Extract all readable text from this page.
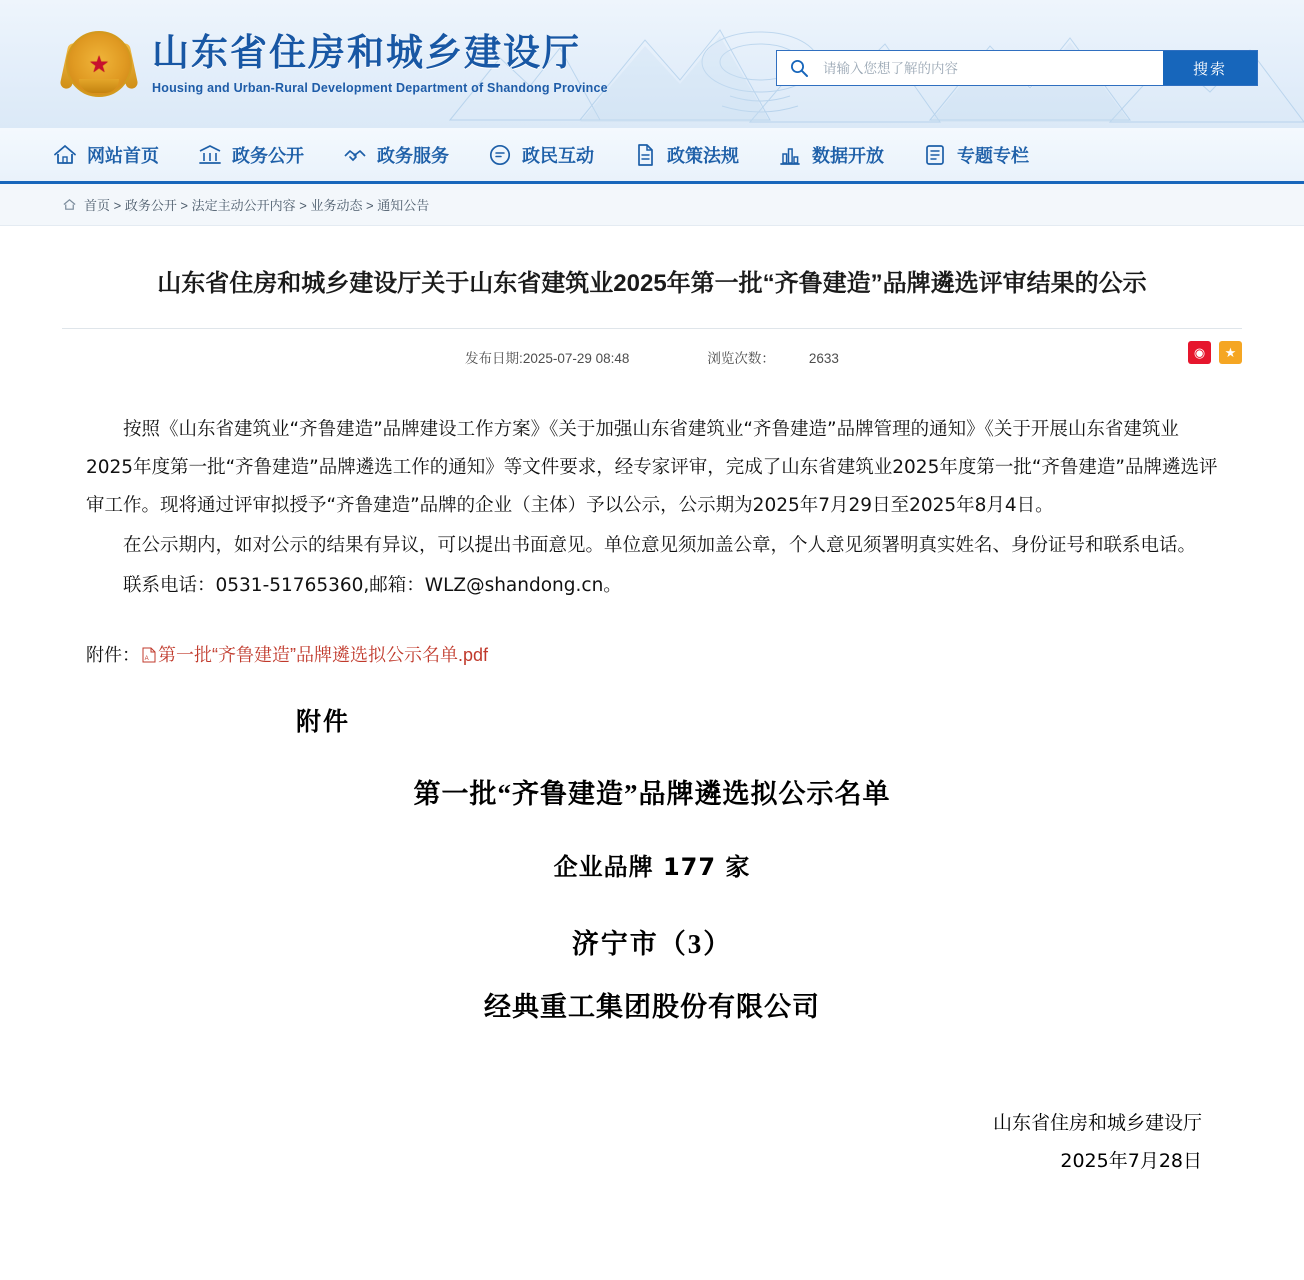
★ 山东省住房和城乡建设厅
Housing and Urban-Rural Development Department of Shandong Province
请输入您想了解的内容
搜索
网站首页	政务公开	政务服务	政民互动	政策法规	数据开放	专题专栏
首页 > 政务公开 > 法定主动公开内容 > 业务动态 > 通知公告
山东省住房和城乡建设厅关于山东省建筑业2025年第一批“齐鲁建造”品牌遴选评审结果的公示
发布日期:2025-07-29 08:48	浏览次数：	2633	◉	★

按照《山东省建筑业“齐鲁建造”品牌建设工作方案》《关于加强山东省建筑业“齐鲁建造”品牌管理的通知》《关于开展山东省建筑业2025年度第一批“齐鲁建造”品牌遴选工作的通知》等文件要求，经专家评审，完成了山东省建筑业2025年度第一批“齐鲁建造”品牌遴选评审工作。现将通过评审拟授予“齐鲁建造”品牌的企业（主体）予以公示，公示期为2025年7月29日至2025年8月4日。

在公示期内，如对公示的结果有异议，可以提出书面意见。单位意见须加盖公章，个人意见须署明真实姓名、身份证号和联系电话。

联系电话：0531-51765360,邮箱：WLZ@shandong.cn。

附件： A 第一批“齐鲁建造”品牌遴选拟公示名单.pdf
附件
第一批“齐鲁建造”品牌遴选拟公示名单
企业品牌 177 家
济宁市（3）
经典重工集团股份有限公司
山东省住房和城乡建设厅
2025年7月28日
